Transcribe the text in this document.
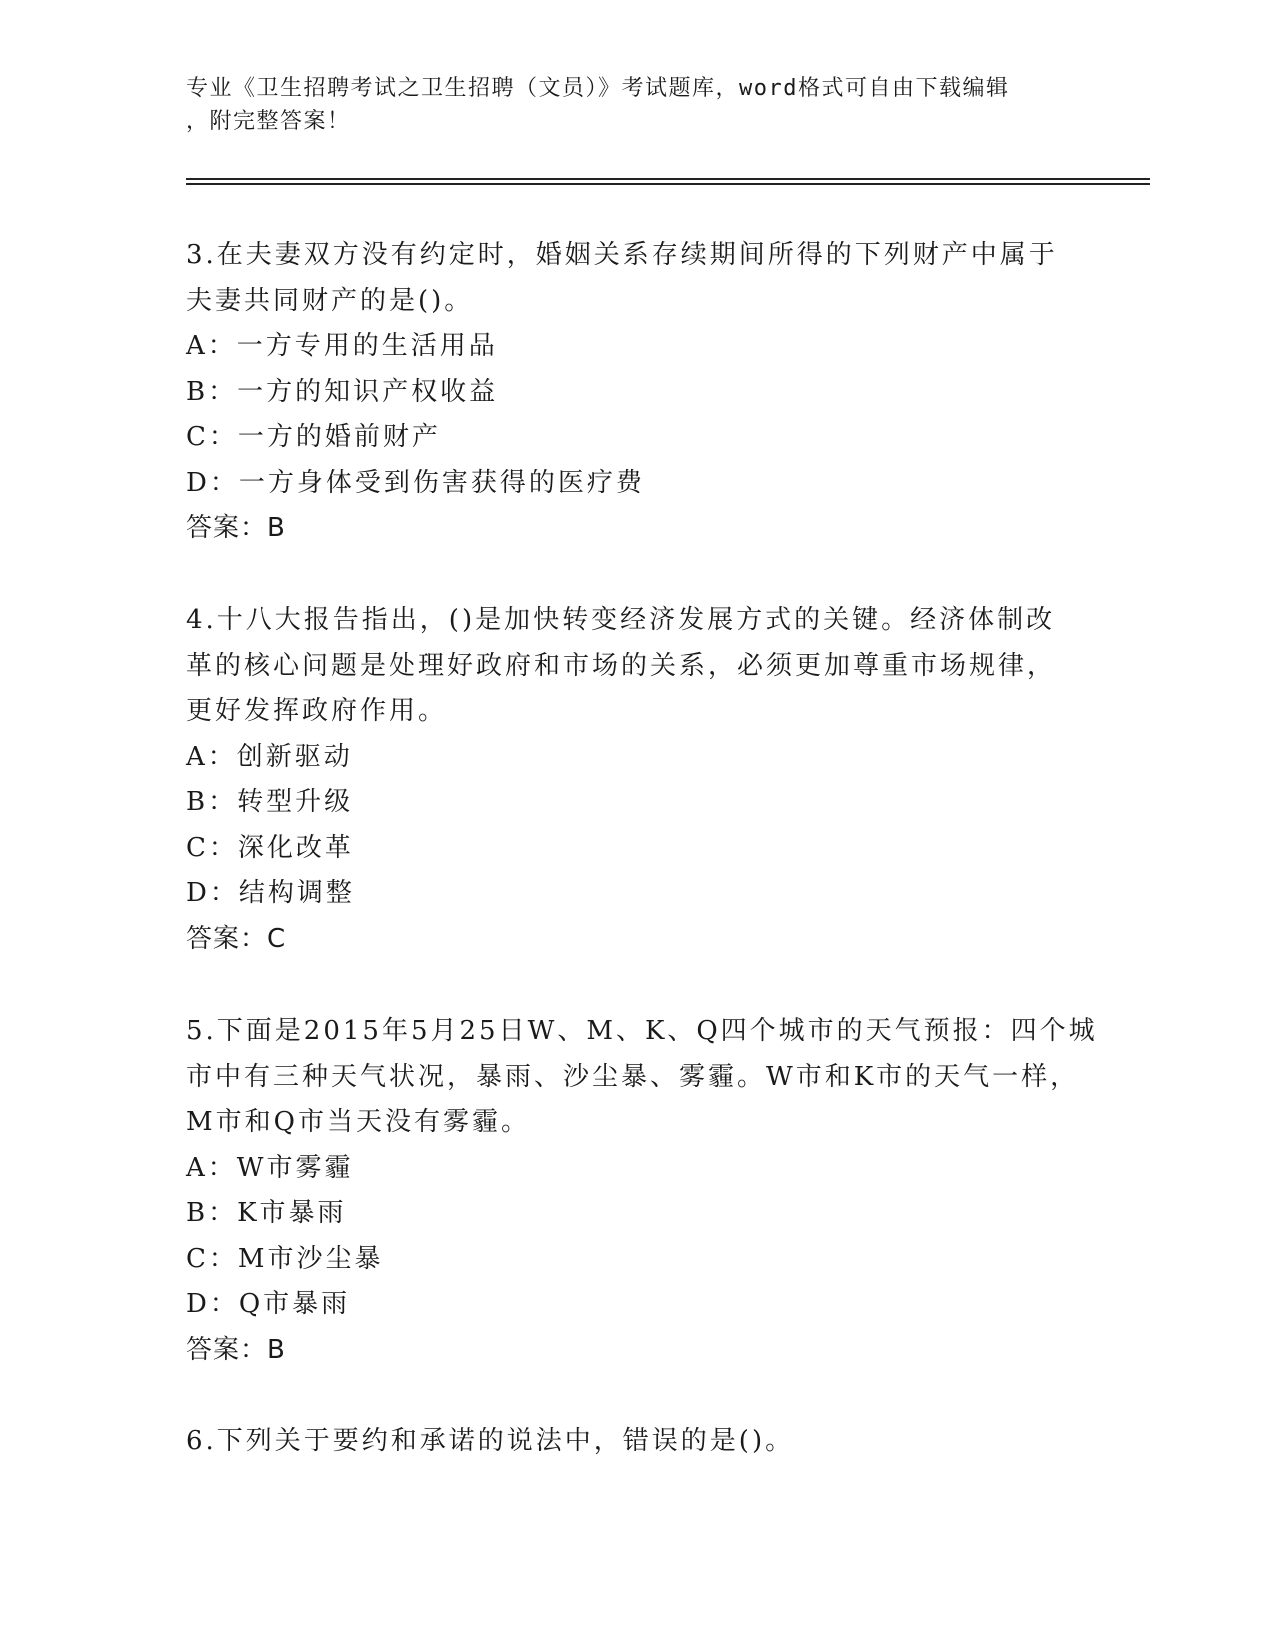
专业《卫生招聘考试之卫生招聘（文员）》考试题库，word格式可自由下载编辑
，附完整答案！
3.在夫妻双方没有约定时，婚姻关系存续期间所得的下列财产中属于
夫妻共同财产的是()。
A：一方专用的生活用品
B：一方的知识产权收益
C：一方的婚前财产
D：一方身体受到伤害获得的医疗费
答案：B
4.十八大报告指出，()是加快转变经济发展方式的关键。经济体制改
革的核心问题是处理好政府和市场的关系，必须更加尊重市场规律，
更好发挥政府作用。
A：创新驱动
B：转型升级
C：深化改革
D：结构调整
答案：C
5.下面是2015年5月25日W、M、K、Q四个城市的天气预报：四个城
市中有三种天气状况，暴雨、沙尘暴、雾霾。W市和K市的天气一样，
M市和Q市当天没有雾霾。
A：W市雾霾
B：K市暴雨
C：M市沙尘暴
D：Q市暴雨
答案：B
6.下列关于要约和承诺的说法中，错误的是()。
